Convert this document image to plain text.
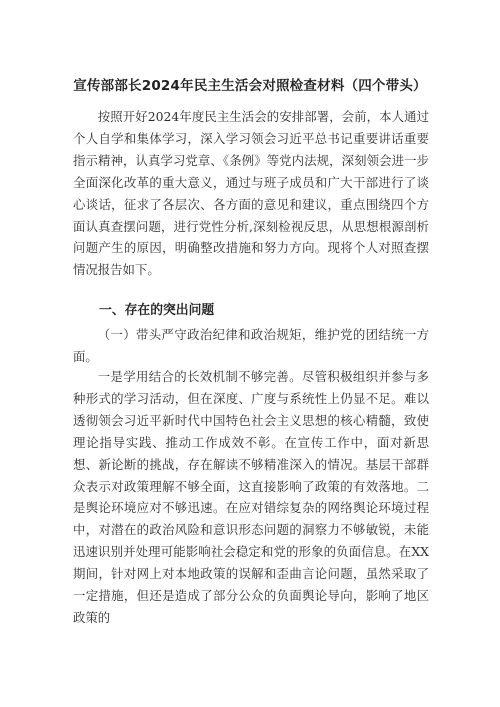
宣传部部长2024年民主生活会对照检查材料（四个带头）

按照开好2024年度民主生活会的安排部署，会前，本人通过个人自学和集体学习，深入学习领会习近平总书记重要讲话重要指示精神，认真学习党章、《条例》等党内法规，深刻领会进一步全面深化改革的重大意义，通过与班子成员和广大干部进行了谈心谈话，征求了各层次、各方面的意见和建议，重点围绕四个方面认真查摆问题，进行党性分析,深刻检视反思，从思想根源剖析问题产生的原因，明确整改措施和努力方向。现将个人对照查摆情况报告如下。

一、存在的突出问题

（一）带头严守政治纪律和政治规矩，维护党的团结统一方面。

一是学用结合的长效机制不够完善。尽管积极组织并参与多种形式的学习活动，但在深度、广度与系统性上仍显不足。难以透彻领会习近平新时代中国特色社会主义思想的核心精髓，致使理论指导实践、推动工作成效不彰。在宣传工作中，面对新思想、新论断的挑战，存在解读不够精准深入的情况。基层干部群众表示对政策理解不够全面，这直接影响了政策的有效落地。二是舆论环境应对不够迅速。在应对错综复杂的网络舆论环境过程中，对潜在的政治风险和意识形态问题的洞察力不够敏锐，未能迅速识别并处理可能影响社会稳定和党的形象的负面信息。在XX期间，针对网上对本地政策的误解和歪曲言论问题，虽然采取了一定措施，但还是造成了部分公众的负面舆论导向，影响了地区政策的
